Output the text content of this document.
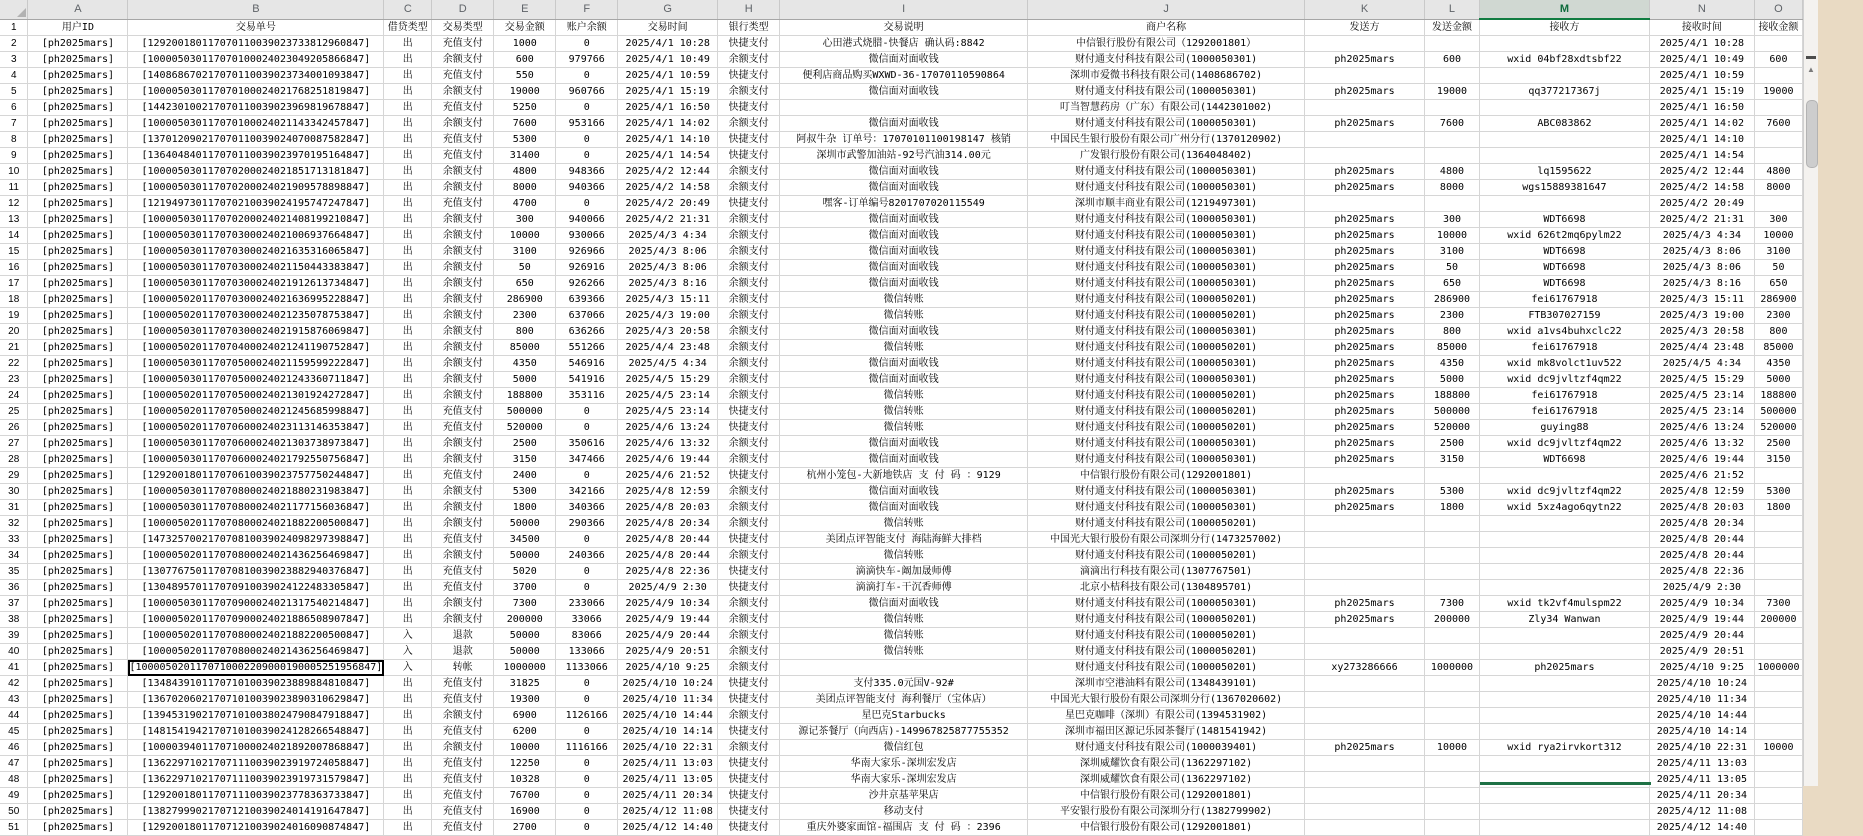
	A	B	C	D	E	F	G	H	I	J	K	L	M	N	O
1	用户ID	交易单号	借贷类型	交易类型	交易金额	账户余额	交易时间	银行类型	交易说明	商户名称	发送方	发送金额	接收方	接收时间	接收金额
2	[ph2025mars]	[129200180117070110039023733812960847]	出	充值支付	1000	0	2025/4/1 10:28	快捷支付	心田港式烧腊-快餐店 确认码:8842	中信银行股份有限公司（1292001801）				2025/4/1 10:28	
3	[ph2025mars]	[100005030117070100024023049205866847]	出	余额支付	600	979766	2025/4/1 10:49	余额支付	微信面对面收钱	财付通支付科技有限公司(1000050301)	ph2025mars	600	wxid 04bf28xdtsbf22	2025/4/1 10:49	600
4	[ph2025mars]	[140868670217070110039023734001093847]	出	充值支付	550	0	2025/4/1 10:59	快捷支付	便利店商品购买WXWD-36-17070110590864	深圳市爱微书科技有限公司(1408686702)				2025/4/1 10:59	
5	[ph2025mars]	[100005030117070100024021768251819847]	出	余额支付	19000	960766	2025/4/1 15:19	余额支付	微信面对面收钱	财付通支付科技有限公司(1000050301)	ph2025mars	19000	qq377217367j	2025/4/1 15:19	19000
6	[ph2025mars]	[144230100217070110039023969819678847]	出	充值支付	5250	0	2025/4/1 16:50	快捷支付		叮当智慧药房（广东）有限公司(1442301002)				2025/4/1 16:50	
7	[ph2025mars]	[100005030117070100024021143342457847]	出	余额支付	7600	953166	2025/4/1 14:02	余额支付	微信面对面收钱	财付通支付科技有限公司(1000050301)	ph2025mars	7600	ABC083862	2025/4/1 14:02	7600
8	[ph2025mars]	[137012090217070110039024070087582847]	出	充值支付	5300	0	2025/4/1 14:10	快捷支付	阿叔牛杂 订单号：17070101100198147 核销	中国民生银行股份有限公司广州分行(1370120902)				2025/4/1 14:10	
9	[ph2025mars]	[136404840117070110039023970195164847]	出	充值支付	31400	0	2025/4/1 14:54	快捷支付	深圳市武警加油站-92号汽油314.00元	广发银行股份有限公司(1364048402)				2025/4/1 14:54	
10	[ph2025mars]	[100005030117070200024021851713181847]	出	余额支付	4800	948366	2025/4/2 12:44	余额支付	微信面对面收钱	财付通支付科技有限公司(1000050301)	ph2025mars	4800	lq1595622	2025/4/2 12:44	4800
11	[ph2025mars]	[100005030117070200024021909578898847]	出	余额支付	8000	940366	2025/4/2 14:58	余额支付	微信面对面收钱	财付通支付科技有限公司(1000050301)	ph2025mars	8000	wgs15889381647	2025/4/2 14:58	8000
12	[ph2025mars]	[121949730117070210039024195747247847]	出	充值支付	4700	0	2025/4/2 20:49	快捷支付	嘿客-订单编号8201707020115549	深圳市顺丰商业有限公司(1219497301)				2025/4/2 20:49	
13	[ph2025mars]	[100005030117070200024021408199210847]	出	余额支付	300	940066	2025/4/2 21:31	余额支付	微信面对面收钱	财付通支付科技有限公司(1000050301)	ph2025mars	300	WDT6698	2025/4/2 21:31	300
14	[ph2025mars]	[100005030117070300024021006937664847]	出	余额支付	10000	930066	2025/4/3 4:34	余额支付	微信面对面收钱	财付通支付科技有限公司(1000050301)	ph2025mars	10000	wxid 626t2mq6pylm22	2025/4/3 4:34	10000
15	[ph2025mars]	[100005030117070300024021635316065847]	出	余额支付	3100	926966	2025/4/3 8:06	余额支付	微信面对面收钱	财付通支付科技有限公司(1000050301)	ph2025mars	3100	WDT6698	2025/4/3 8:06	3100
16	[ph2025mars]	[100005030117070300024021150443383847]	出	余额支付	50	926916	2025/4/3 8:06	余额支付	微信面对面收钱	财付通支付科技有限公司(1000050301)	ph2025mars	50	WDT6698	2025/4/3 8:06	50
17	[ph2025mars]	[100005030117070300024021912613734847]	出	余额支付	650	926266	2025/4/3 8:16	余额支付	微信面对面收钱	财付通支付科技有限公司(1000050301)	ph2025mars	650	WDT6698	2025/4/3 8:16	650
18	[ph2025mars]	[100005020117070300024021636995228847]	出	余额支付	286900	639366	2025/4/3 15:11	余额支付	微信转账	财付通支付科技有限公司(1000050201)	ph2025mars	286900	fei61767918	2025/4/3 15:11	286900
19	[ph2025mars]	[100005020117070300024021235078753847]	出	余额支付	2300	637066	2025/4/3 19:00	余额支付	微信转账	财付通支付科技有限公司(1000050201)	ph2025mars	2300	FTB307027159	2025/4/3 19:00	2300
20	[ph2025mars]	[100005030117070300024021915876069847]	出	余额支付	800	636266	2025/4/3 20:58	余额支付	微信面对面收钱	财付通支付科技有限公司(1000050301)	ph2025mars	800	wxid a1vs4buhxclc22	2025/4/3 20:58	800
21	[ph2025mars]	[100005020117070400024021241190752847]	出	余额支付	85000	551266	2025/4/4 23:48	余额支付	微信转账	财付通支付科技有限公司(1000050201)	ph2025mars	85000	fei61767918	2025/4/4 23:48	85000
22	[ph2025mars]	[100005030117070500024021159599222847]	出	余额支付	4350	546916	2025/4/5 4:34	余额支付	微信面对面收钱	财付通支付科技有限公司(1000050301)	ph2025mars	4350	wxid mk8volct1uv522	2025/4/5 4:34	4350
23	[ph2025mars]	[100005030117070500024021243360711847]	出	余额支付	5000	541916	2025/4/5 15:29	余额支付	微信面对面收钱	财付通支付科技有限公司(1000050301)	ph2025mars	5000	wxid dc9jvltzf4qm22	2025/4/5 15:29	5000
24	[ph2025mars]	[100005020117070500024021301924272847]	出	余额支付	188800	353116	2025/4/5 23:14	余额支付	微信转账	财付通支付科技有限公司(1000050201)	ph2025mars	188800	fei61767918	2025/4/5 23:14	188800
25	[ph2025mars]	[100005020117070500024021245685998847]	出	充值支付	500000	0	2025/4/5 23:14	快捷支付	微信转账	财付通支付科技有限公司(1000050201)	ph2025mars	500000	fei61767918	2025/4/5 23:14	500000
26	[ph2025mars]	[100005020117070600024023113146353847]	出	充值支付	520000	0	2025/4/6 13:24	快捷支付	微信转账	财付通支付科技有限公司(1000050201)	ph2025mars	520000	guying88	2025/4/6 13:24	520000
27	[ph2025mars]	[100005030117070600024021303738973847]	出	余额支付	2500	350616	2025/4/6 13:32	余额支付	微信面对面收钱	财付通支付科技有限公司(1000050301)	ph2025mars	2500	wxid dc9jvltzf4qm22	2025/4/6 13:32	2500
28	[ph2025mars]	[100005030117070600024021792550756847]	出	余额支付	3150	347466	2025/4/6 19:44	余额支付	微信面对面收钱	财付通支付科技有限公司(1000050301)	ph2025mars	3150	WDT6698	2025/4/6 19:44	3150
29	[ph2025mars]	[129200180117070610039023757750244847]	出	充值支付	2400	0	2025/4/6 21:52	快捷支付	杭州小笼包-大新地铁店 支 付 码 ：9129	中信银行股份有限公司(1292001801)				2025/4/6 21:52	
30	[ph2025mars]	[100005030117070800024021880231983847]	出	余额支付	5300	342166	2025/4/8 12:59	余额支付	微信面对面收钱	财付通支付科技有限公司(1000050301)	ph2025mars	5300	wxid dc9jvltzf4qm22	2025/4/8 12:59	5300
31	[ph2025mars]	[100005030117070800024021177156036847]	出	余额支付	1800	340366	2025/4/8 20:03	余额支付	微信面对面收钱	财付通支付科技有限公司(1000050301)	ph2025mars	1800	wxid 5xz4ago6qytn22	2025/4/8 20:03	1800
32	[ph2025mars]	[100005020117070800024021882200500847]	出	余额支付	50000	290366	2025/4/8 20:34	余额支付	微信转账	财付通支付科技有限公司(1000050201)				2025/4/8 20:34	
33	[ph2025mars]	[147325700217070810039024098297398847]	出	充值支付	34500	0	2025/4/8 20:44	快捷支付	美团点评智能支付 海陆海鲜大排档	中国光大银行股份有限公司深圳分行(1473257002)				2025/4/8 20:44	
34	[ph2025mars]	[100005020117070800024021436256469847]	出	余额支付	50000	240366	2025/4/8 20:44	余额支付	微信转账	财付通支付科技有限公司(1000050201)				2025/4/8 20:44	
35	[ph2025mars]	[130776750117070810039023882940376847]	出	充值支付	5020	0	2025/4/8 22:36	快捷支付	滴滴快车-阚加晟师傅	滴滴出行科技有限公司(1307767501)				2025/4/8 22:36	
36	[ph2025mars]	[130489570117070910039024122483305847]	出	充值支付	3700	0	2025/4/9 2:30	快捷支付	滴滴打车-干沉香师傅	北京小桔科技有限公司(1304895701)				2025/4/9 2:30	
37	[ph2025mars]	[100005030117070900024021317540214847]	出	余额支付	7300	233066	2025/4/9 10:34	余额支付	微信面对面收钱	财付通支付科技有限公司(1000050301)	ph2025mars	7300	wxid tk2vf4mulspm22	2025/4/9 10:34	7300
38	[ph2025mars]	[100005020117070900024021886508907847]	出	余额支付	200000	33066	2025/4/9 19:44	余额支付	微信转账	财付通支付科技有限公司(1000050201)	ph2025mars	200000	Zly34 Wanwan	2025/4/9 19:44	200000
39	[ph2025mars]	[100005020117070800024021882200500847]	入	退款	50000	83066	2025/4/9 20:44	余额支付	微信转账	财付通支付科技有限公司(1000050201)				2025/4/9 20:44	
40	[ph2025mars]	[100005020117070800024021436256469847]	入	退款	50000	133066	2025/4/9 20:51	余额支付	微信转账	财付通支付科技有限公司(1000050201)				2025/4/9 20:51	
41	[ph2025mars]	[1000050201170710002209000190005251956847]	入	转帐	1000000	1133066	2025/4/10 9:25	余额支付		财付通支付科技有限公司(1000050201)	xy273286666	1000000	ph2025mars	2025/4/10 9:25	1000000
42	[ph2025mars]	[134843910117071010039023889884810847]	出	充值支付	31825	0	2025/4/10 10:24	快捷支付	支付335.0元国V-92#	深圳市空港油料有限公司(1348439101)				2025/4/10 10:24	
43	[ph2025mars]	[136702060217071010039023890310629847]	出	充值支付	19300	0	2025/4/10 11:34	快捷支付	美团点评智能支付 海利餐厅（宝体店）	中国光大银行股份有限公司深圳分行(1367020602)				2025/4/10 11:34	
44	[ph2025mars]	[139453190217071010038024790847918847]	出	余额支付	6900	1126166	2025/4/10 14:44	余额支付	星巴克Starbucks	星巴克咖啡（深圳）有限公司(1394531902)				2025/4/10 14:44	
45	[ph2025mars]	[148154194217071010039024128266548847]	出	充值支付	6200	0	2025/4/10 14:14	快捷支付	源记茶餐厅（向西店)-149967825877755352	深圳市福田区源记乐园茶餐厅(1481541942)				2025/4/10 14:14	
46	[ph2025mars]	[100003940117071000024021892007868847]	出	余额支付	10000	1116166	2025/4/10 22:31	余额支付	微信红包	财付通支付科技有限公司(1000039401)	ph2025mars	10000	wxid rya2irvkort312	2025/4/10 22:31	10000
47	[ph2025mars]	[136229710217071110039023919724058847]	出	充值支付	12250	0	2025/4/11 13:03	快捷支付	华南大家乐-深圳宏发店	深圳威耀饮食有限公司(1362297102)				2025/4/11 13:03	
48	[ph2025mars]	[136229710217071110039023919731579847]	出	充值支付	10328	0	2025/4/11 13:05	快捷支付	华南大家乐-深圳宏发店	深圳威耀饮食有限公司(1362297102)				2025/4/11 13:05	
49	[ph2025mars]	[129200180117071110039023778363733847]	出	充值支付	76700	0	2025/4/11 20:34	快捷支付	沙井京基苹果店	中信银行股份有限公司(1292001801)				2025/4/11 20:34	
50	[ph2025mars]	[138279990217071210039024014191647847]	出	充值支付	16900	0	2025/4/12 11:08	快捷支付	移动支付	平安银行股份有限公司深圳分行(1382799902)				2025/4/12 11:08	
51	[ph2025mars]	[129200180117071210039024016090874847]	出	充值支付	2700	0	2025/4/12 14:40	快捷支付	重庆外婆家面馆-福围店 支 付 码 ：2396	中信银行股份有限公司(1292001801)				2025/4/12 14:40	
▲
